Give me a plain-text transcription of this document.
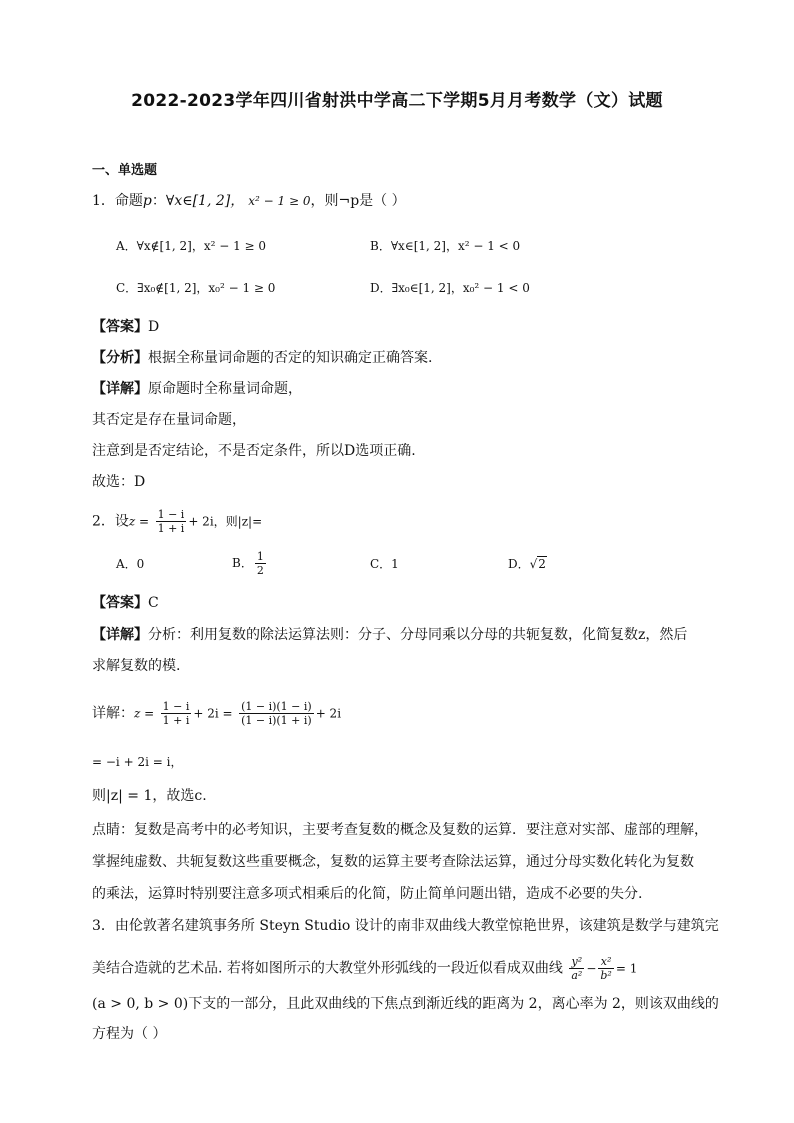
2022-2023学年四川省射洪中学高二下学期5月月考数学（文）试题
一、单选题
1．命题p：∀x∈[1, 2]， x² − 1 ≥ 0，则¬p是（ ）
A．∀x∉[1, 2]，x² − 1 ≥ 0	B．∀x∈[1, 2]，x² − 1 < 0
C．∃x₀∉[1, 2]，x₀² − 1 ≥ 0	D．∃x₀∈[1, 2]，x₀² − 1 < 0
【答案】D
【分析】根据全称量词命题的否定的知识确定正确答案.
【详解】原命题时全称量词命题，
其否定是存在量词命题，
注意到是否定结论，不是否定条件，所以D选项正确.
故选：D
2．设$z = \frac{1 - i}{1 + i} + 2i$，则|z|=
A．0	B． $\frac{1}{2}$	C．1	D．√2
【答案】C
【详解】分析：利用复数的除法运算法则：分子、分母同乘以分母的共轭复数，化简复数z，然后
求解复数的模.
详解：$z = \frac{1 - i}{1 + i} + 2i = \frac{(1 - i)(1 - i)}{(1 - i)(1 + i)} + 2i$
= −i + 2i = i，
则|z| = 1，故选c.
点睛：复数是高考中的必考知识，主要考查复数的概念及复数的运算．要注意对实部、虚部的理解，
掌握纯虚数、共轭复数这些重要概念，复数的运算主要考查除法运算，通过分母实数化转化为复数
的乘法，运算时特别要注意多项式相乘后的化简，防止简单问题出错，造成不必要的失分.
3．由伦敦著名建筑事务所 Steyn Studio 设计的南非双曲线大教堂惊艳世界，该建筑是数学与建筑完
美结合造就的艺术品. 若将如图所示的大教堂外形弧线的一段近似看成双曲线 $\frac{\text{y²}}{\text{a²}} - \frac{\text{x²}}{\text{b²}} = 1$
(a > 0, b > 0)下支的一部分，且此双曲线的下焦点到渐近线的距离为 2，离心率为 2，则该双曲线的
方程为（ ）
